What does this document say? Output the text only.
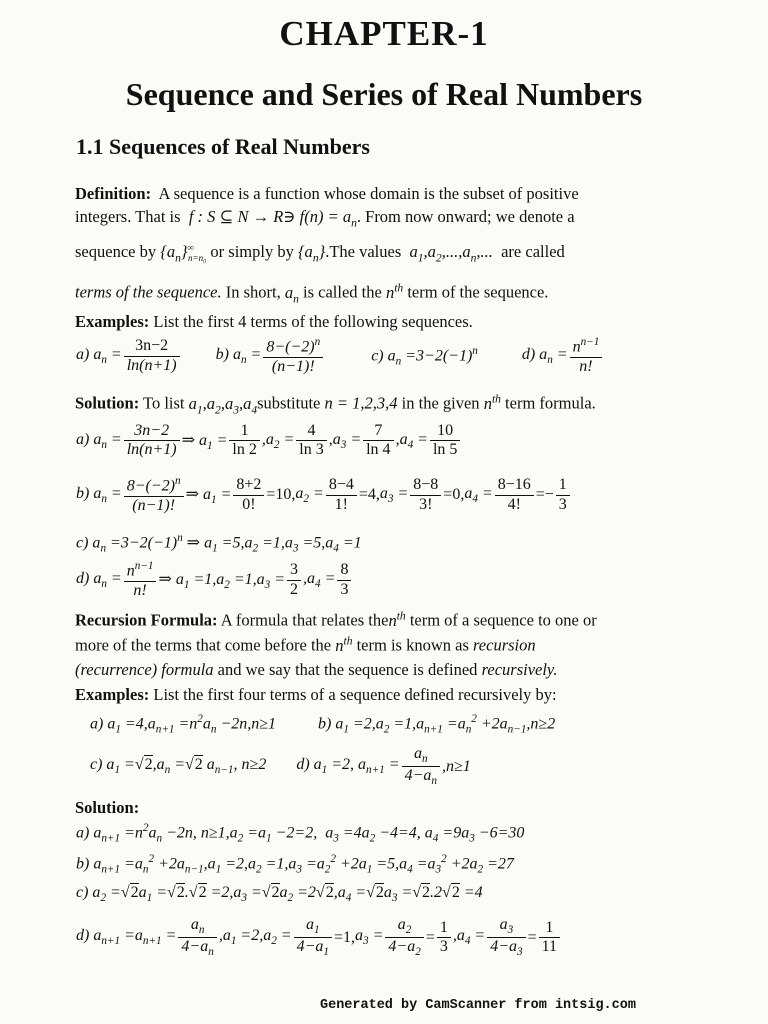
CHAPTER-1
Sequence and Series of Real Numbers
1.1 Sequences of Real Numbers
Definition: A sequence is a function whose domain is the subset of positive
integers. That is f : S ⊆ N → R∋ $f(n) = a_n$. From now onward; we denote a
sequence by $\{a_n\}^\infty_{n=n_0}$ or simply by $\{a_n\}.The$ values $a_1,a_2,...,a_n$,... are called
terms of the sequence. In short, $a_n$ is called the $n^{th}$ term of the sequence.
Examples: List the first 4 terms of the following sequences.
a) $a_n = \frac{3n-2}{\ln(n+1)} b$) $a_n = \frac{8-(-2)^n}{(n-1)!}$	c) $a_n =3-2(-1)^n$	d) $a_n = \frac{n^{n-1}}{n!}$
Solution: To list $a_1,a_2,a_3,a_4substitute$ n = 1,2,3,4 in the given $n^{th}$ term formula.
a) $a_n = \frac{3n-2}{\ln(n+1)}$ ⇒ $a_1 = \frac{1}{\ln 2} ,a_2 = \frac{4}{\ln 3} ,a_3 = \frac{7}{\ln 4} ,a_4 = \frac{10}{\ln 5}$
b) $a_n = \frac{8-(-2)^n}{(n-1)!}$ ⇒ $a_1 = \frac{8+2}{0!} =10$, $a_2 = \frac{8-4}{1!} =4$, $a_3 = \frac{8-8}{3!} =0$, $a_4 = \frac{8-16}{4!} =- \frac{1}{3}$
c) $a_n =3-2(-1)^n$ ⇒ $a_1 =5,a_2 =1,a_3 =5,a_4 =1$
d) $a_n = \frac{n^{n-1}}{n!}$ ⇒ $a_1 =1,a_2 =1,a_3 = \frac{3}{2} ,a_4 = \frac{8}{3}$
Recursion Formula: A formula that relates then$^{th}$ term of a sequence to one or
more of the terms that come before the $n^{th}$ term is known as recursion
(recurrence) formula and we say that the sequence is defined recursively.
Examples: List the first four terms of a sequence defined recursively by:
a) $a_1 =4,a_{n+1} =n^2a_n -2n,n\ge 1$	b) $a_1 =2,a_2 =1,a_{n+1} =a_n^2 +2a_{n-1},n\ge 2$
c) $a_1 =√2,a_n =√2$ $a_{n-1}$, n≥2 d) $a_1 =2$, $a_{n+1} = \frac{a_n}{4-a_n} ,n\ge 1$
Solution:
a) $a_{n+1} =n^2a_n -2n$, $n\ge 1,a_2 =a_1 -2=2$,  $a_3 =4a_2 -4=4$, $a_4 =9a_3 -6=30$
b) $a_{n+1} =a_n^2 +2a_{n-1},a_1 =2,a_2 =1,a_3 =a_2^2 +2a_1 =5,a_4 =a_3^2 +2a_2 =27$
c) $a_2 =√2a_1 =√2.√2 =2,a_3 =√2a_2 =2√2,a_4 =√2a_3 =√2.2√2 =4$
d) $a_{n+1} =a_{n+1} = \frac{a_n}{4-a_n} ,a_1 =2,a_2 = \frac{a_1}{4-a_1} =1$, $a_3 = \frac{a_2}{4-a_2} = \frac{1}{3} ,a_4 = \frac{a_3}{4-a_3} = \frac{1}{11}$
Generated by CamScanner from intsig.com
